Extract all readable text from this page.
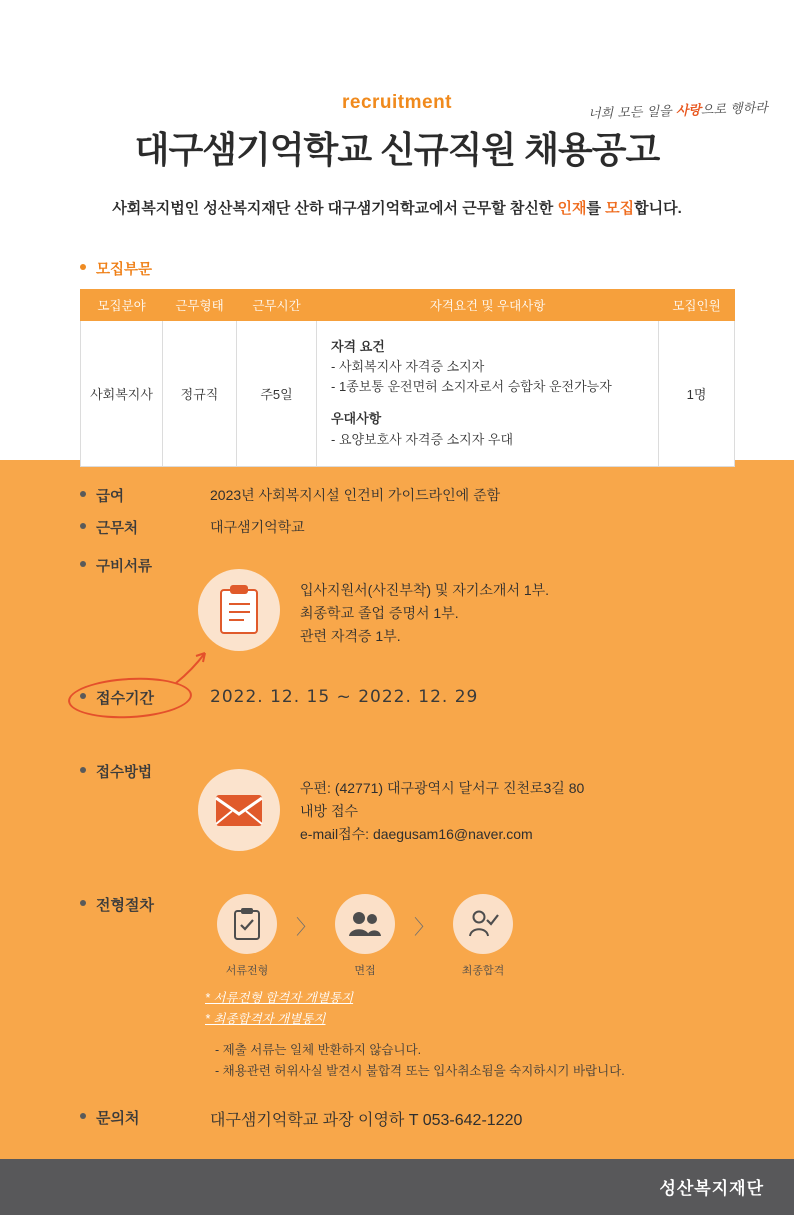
성산복지재단
너희 모든 일을 사랑으로 행하라
recruitment
대구샘기억학교 신규직원 채용공고
사회복지법인 성산복지재단 산하 대구샘기억학교에서 근무할 참신한 인재를 모집합니다.
모집부문
모집분야	근무형태	근무시간	자격요건 및 우대사항	모집인원
사회복지사	정규직	주5일	자격 요건
- 사회복지사 자격증 소지자
- 1종보통 운전면허 소지자로서 승합차 운전가능자
우대사항
- 요양보호사 자격증 소지자 우대	1명
급여	2023년 사회복지시설 인건비 가이드라인에 준함
근무처	대구샘기억학교
구비서류
입사지원서(사진부착) 및 자기소개서 1부.
최종학교 졸업 증명서 1부.
관련 자격증 1부.
접수기간	2022. 12. 15 ~ 2022. 12. 29
접수방법
우편: (42771) 대구광역시 달서구 진천로3길 80
내방 접수
e-mail접수: daegusam16@naver.com
전형절차
서류전형
〉
면접
〉
최종합격
* 서류전형 합격자 개별통지
* 최종합격자 개별통지
- 제출 서류는 일체 반환하지 않습니다.
- 채용관련 허위사실 발견시 불합격 또는 입사취소됨을 숙지하시기 바랍니다.
문의처	대구샘기억학교 과장 이영하 T 053-642-1220
